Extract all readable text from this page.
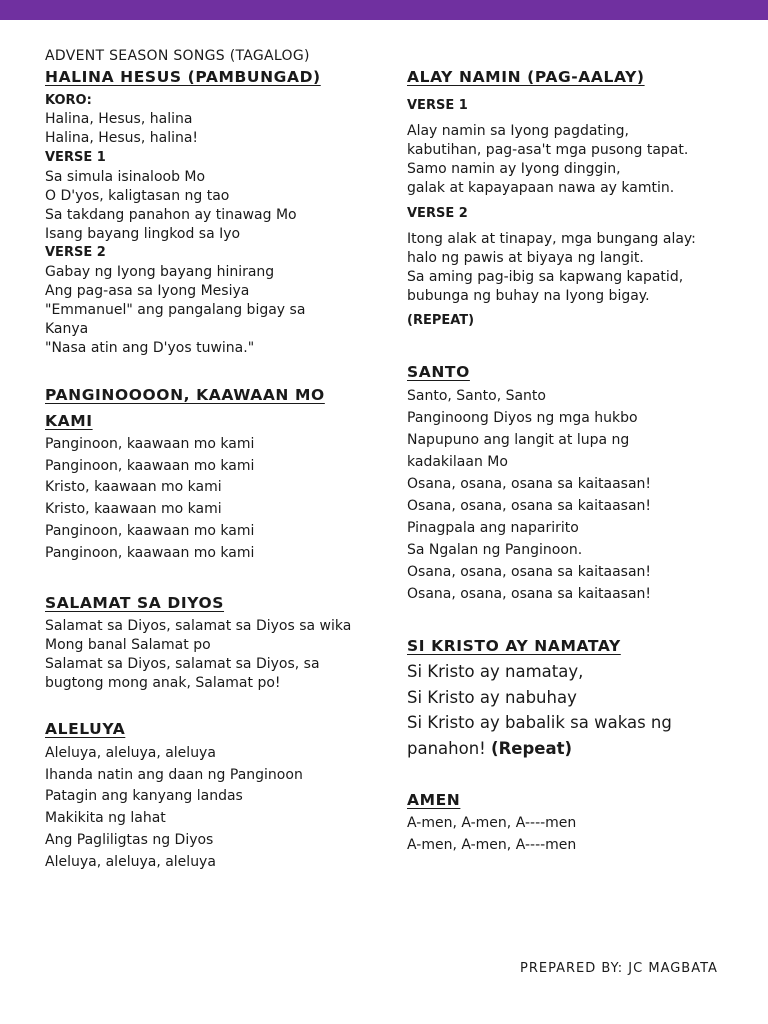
ADVENT SEASON SONGS (TAGALOG)
HALINA HESUS (PAMBUNGAD)
KORO:
Halina, Hesus, halina
Halina, Hesus, halina!
VERSE 1
Sa simula isinaloob Mo
O D'yos, kaligtasan ng tao
Sa takdang panahon ay tinawag Mo
Isang bayang lingkod sa Iyo
VERSE 2
Gabay ng Iyong bayang hinirang
Ang pag-asa sa Iyong Mesiya
"Emmanuel" ang pangalang bigay sa
Kanya
"Nasa atin ang D'yos tuwina."
PANGINOOOON, KAAWAAN MO
KAMI
Panginoon, kaawaan mo kami
Panginoon, kaawaan mo kami
Kristo, kaawaan mo kami
Kristo, kaawaan mo kami
Panginoon, kaawaan mo kami
Panginoon, kaawaan mo kami
SALAMAT SA DIYOS
Salamat sa Diyos, salamat sa Diyos sa wika
Mong banal Salamat po
Salamat sa Diyos, salamat sa Diyos, sa
bugtong mong anak, Salamat po!
ALELUYA
Aleluya, aleluya, aleluya
Ihanda natin ang daan ng Panginoon
Patagin ang kanyang landas
Makikita ng lahat
Ang Pagliligtas ng Diyos
Aleluya, aleluya, aleluya
ALAY NAMIN (PAG-AALAY)
VERSE 1
Alay namin sa Iyong pagdating,
kabutihan, pag-asa't mga pusong tapat.
Samo namin ay Iyong dinggin,
galak at kapayapaan nawa ay kamtin.
VERSE 2
Itong alak at tinapay, mga bungang alay:
halo ng pawis at biyaya ng langit.
Sa aming pag-ibig sa kapwang kapatid,
bubunga ng buhay na Iyong bigay.
(REPEAT)
SANTO
Santo, Santo, Santo
Panginoong Diyos ng mga hukbo
Napupuno ang langit at lupa ng
kadakilaan Mo
Osana, osana, osana sa kaitaasan!
Osana, osana, osana sa kaitaasan!
Pinagpala ang naparirito
Sa Ngalan ng Panginoon.
Osana, osana, osana sa kaitaasan!
Osana, osana, osana sa kaitaasan!
SI KRISTO AY NAMATAY
Si Kristo ay namatay,
Si Kristo ay nabuhay
Si Kristo ay babalik sa wakas ng
panahon! (Repeat)
AMEN
A-men, A-men, A----men
A-men, A-men, A----men
PREPARED BY: JC MAGBATA
